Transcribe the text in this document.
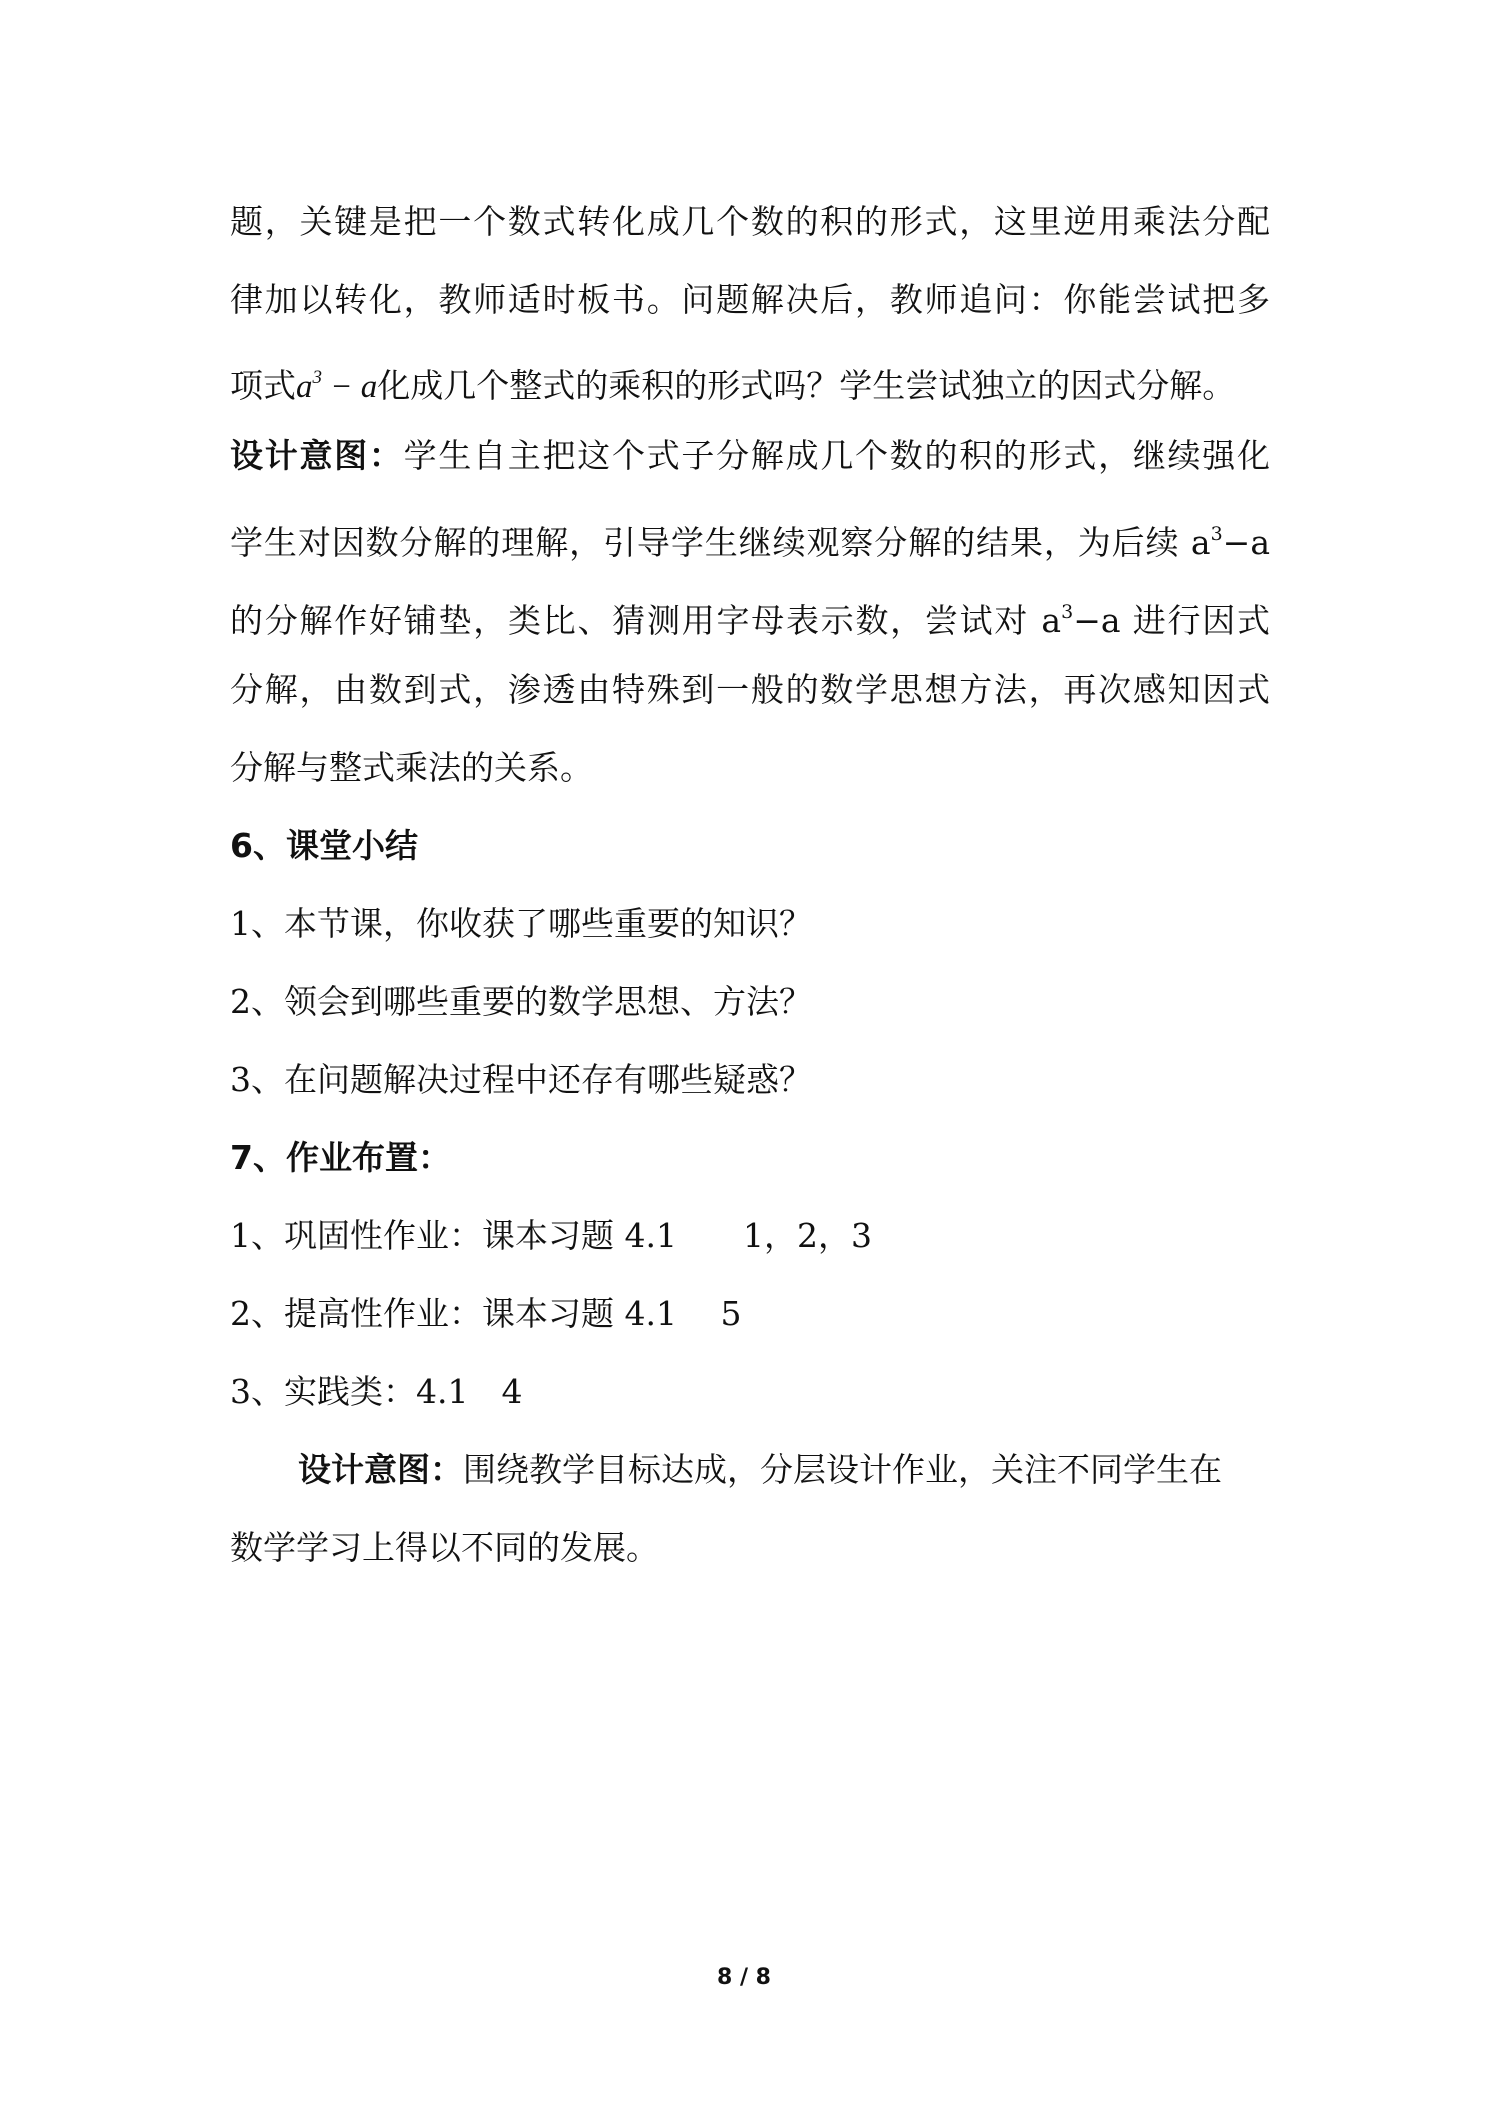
题，关键是把一个数式转化成几个数的积的形式，这里逆用乘法分配
律加以转化，教师适时板书。问题解决后，教师追问：你能尝试把多
项式$a^3 - a$化成几个整式的乘积的形式吗？学生尝试独立的因式分解。
设计意图：学生自主把这个式子分解成几个数的积的形式，继续强化
学生对因数分解的理解，引导学生继续观察分解的结果，为后续 $a^3-a$
的分解作好铺垫，类比、猜测用字母表示数，尝试对 $a^3-a$ 进行因式
分解，由数到式，渗透由特殊到一般的数学思想方法，再次感知因式
分解与整式乘法的关系。
6、课堂小结
1、本节课，你收获了哪些重要的知识？
2、领会到哪些重要的数学思想、方法？
3、在问题解决过程中还存有哪些疑惑？
7、作业布置：
1、巩固性作业：课本习题 4.1　　1，2，3
2、提高性作业：课本习题 4.1　 5
3、实践类：4.1　4
设计意图：围绕教学目标达成，分层设计作业，关注不同学生在
数学学习上得以不同的发展。
8 / 8
